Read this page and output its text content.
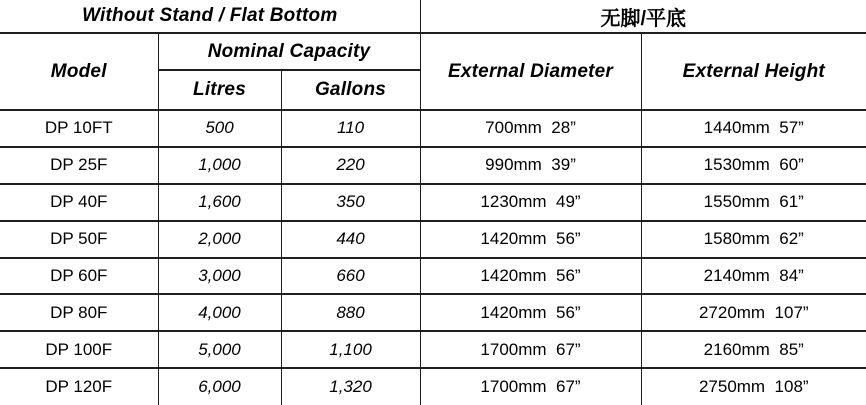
Without Stand / Flat Bottom			无脚/平底	
Model	Nominal Capacity		External Diameter	External Height
	Litres	Gallons		
DP 10FT	500	110	700mm  28”	1440mm  57”
DP 25F	1,000	220	990mm  39”	1530mm  60”
DP 40F	1,600	350	1230mm  49”	1550mm  61”
DP 50F	2,000	440	1420mm  56”	1580mm  62”
DP 60F	3,000	660	1420mm  56”	2140mm  84”
DP 80F	4,000	880	1420mm  56”	2720mm  107”
DP 100F	5,000	1,100	1700mm  67”	2160mm  85”
DP 120F	6,000	1,320	1700mm  67”	2750mm  108”
